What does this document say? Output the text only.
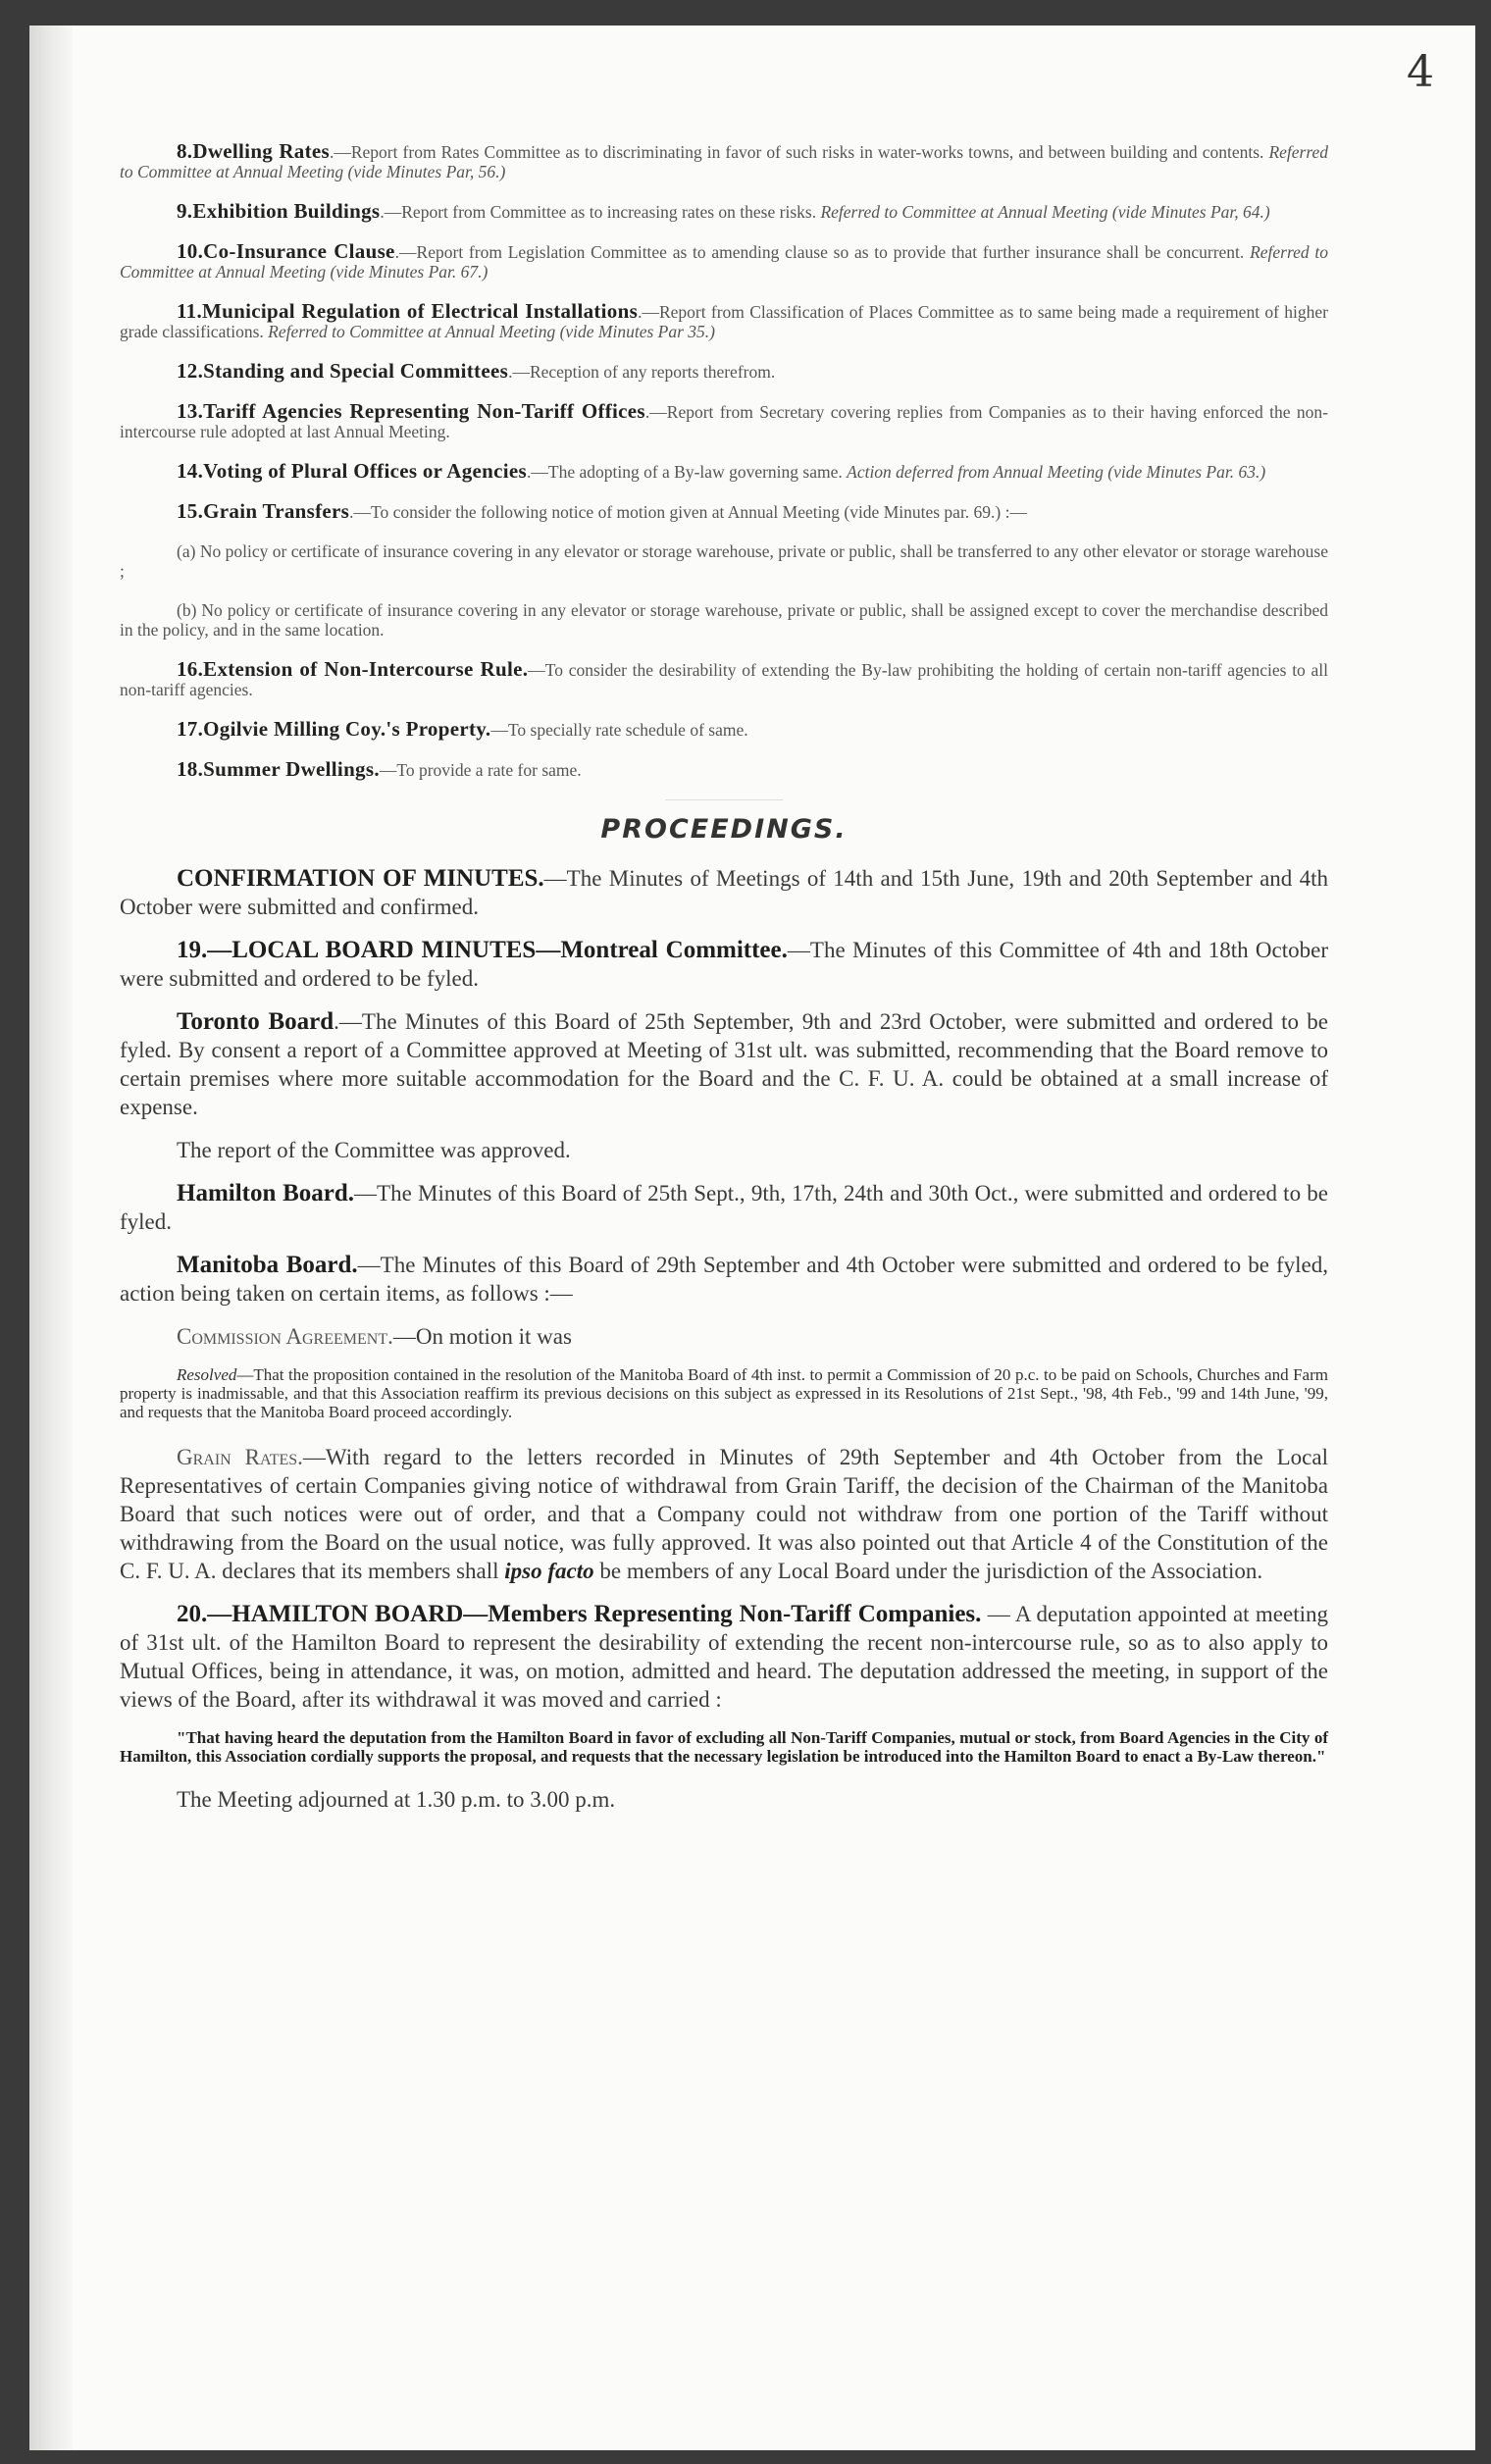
4
8.Dwelling Rates.—Report from Rates Committee as to discriminating in favor of such risks in water-works towns, and between building and contents. Referred to Committee at Annual Meeting (vide Minutes Par, 56.)
9.Exhibition Buildings.—Report from Committee as to increasing rates on these risks. Referred to Committee at Annual Meeting (vide Minutes Par, 64.)
10.Co-Insurance Clause.—Report from Legislation Committee as to amending clause so as to provide that further insurance shall be concurrent. Referred to Committee at Annual Meeting (vide Minutes Par. 67.)
11.Municipal Regulation of Electrical Installations.—Report from Classification of Places Committee as to same being made a requirement of higher grade classifications. Referred to Committee at Annual Meeting (vide Minutes Par 35.)
12.Standing and Special Committees.—Reception of any reports therefrom.
13.Tariff Agencies Representing Non-Tariff Offices.—Report from Secretary covering replies from Companies as to their having enforced the non-intercourse rule adopted at last Annual Meeting.
14.Voting of Plural Offices or Agencies.—The adopting of a By-law governing same. Action deferred from Annual Meeting (vide Minutes Par. 63.)
15.Grain Transfers.—To consider the following notice of motion given at Annual Meeting (vide Minutes par. 69.) :—
(a) No policy or certificate of insurance covering in any elevator or storage warehouse, private or public, shall be transferred to any other elevator or storage warehouse ;
(b) No policy or certificate of insurance covering in any elevator or storage warehouse, private or public, shall be assigned except to cover the merchandise described in the policy, and in the same location.
16.Extension of Non-Intercourse Rule.—To consider the desirability of extending the By-law prohibiting the holding of certain non-tariff agencies to all non-tariff agencies.
17.Ogilvie Milling Coy.'s Property.—To specially rate schedule of same.
18.Summer Dwellings.—To provide a rate for same.
PROCEEDINGS.

CONFIRMATION OF MINUTES.—The Minutes of Meetings of 14th and 15th June, 19th and 20th September and 4th October were submitted and confirmed.

19.—LOCAL BOARD MINUTES—Montreal Committee.—The Minutes of this Committee of 4th and 18th October were submitted and ordered to be fyled.

Toronto Board.—The Minutes of this Board of 25th September, 9th and 23rd October, were submitted and ordered to be fyled. By consent a report of a Committee approved at Meeting of 31st ult. was submitted, recommending that the Board remove to certain premises where more suitable accommodation for the Board and the C. F. U. A. could be obtained at a small increase of expense.

The report of the Committee was approved.

Hamilton Board.—The Minutes of this Board of 25th Sept., 9th, 17th, 24th and 30th Oct., were submitted and ordered to be fyled.

Manitoba Board.—The Minutes of this Board of 29th September and 4th October were submitted and ordered to be fyled, action being taken on certain items, as follows :—

Commission Agreement.—On motion it was

Resolved—That the proposition contained in the resolution of the Manitoba Board of 4th inst. to permit a Commission of 20 p.c. to be paid on Schools, Churches and Farm property is inadmissable, and that this Association reaffirm its previous decisions on this subject as expressed in its Resolutions of 21st Sept., '98, 4th Feb., '99 and 14th June, '99, and requests that the Manitoba Board proceed accordingly.

Grain Rates.—With regard to the letters recorded in Minutes of 29th September and 4th October from the Local Representatives of certain Companies giving notice of withdrawal from Grain Tariff, the decision of the Chairman of the Manitoba Board that such notices were out of order, and that a Company could not withdraw from one portion of the Tariff without withdrawing from the Board on the usual notice, was fully approved. It was also pointed out that Article 4 of the Constitution of the C. F. U. A. declares that its members shall ipso facto be members of any Local Board under the jurisdiction of the Association.

20.—HAMILTON BOARD—Members Representing Non-Tariff Companies. — A deputation appointed at meeting of 31st ult. of the Hamilton Board to represent the desirability of extending the recent non-intercourse rule, so as to also apply to Mutual Offices, being in attendance, it was, on motion, admitted and heard. The deputation addressed the meeting, in support of the views of the Board, after its withdrawal it was moved and carried :

"That having heard the deputation from the Hamilton Board in favor of excluding all Non-Tariff Companies, mutual or stock, from Board Agencies in the City of Hamilton, this Association cordially supports the proposal, and requests that the necessary legislation be introduced into the Hamilton Board to enact a By-Law thereon."

The Meeting adjourned at 1.30 p.m. to 3.00 p.m.
